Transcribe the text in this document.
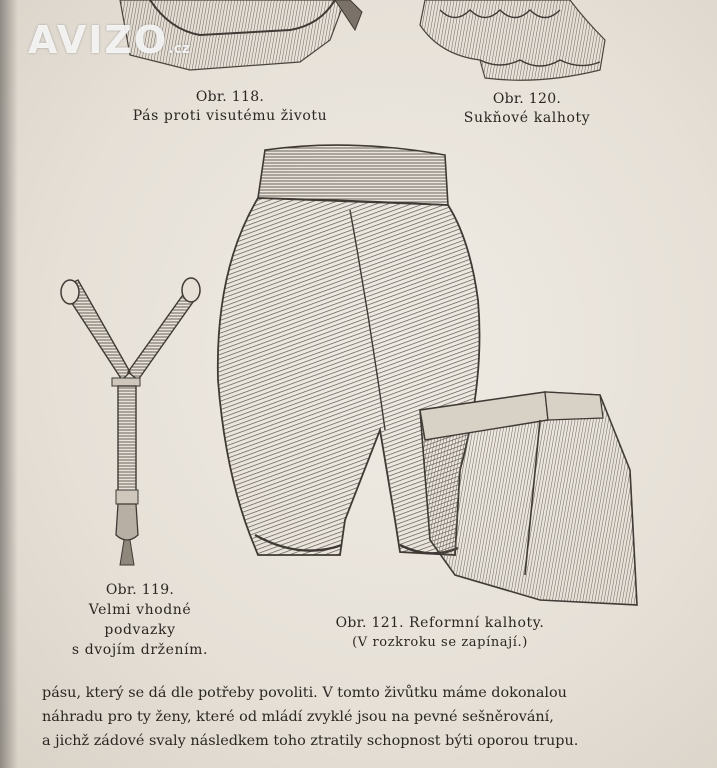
AVIZO.cz
Obr. 118.
Pás proti visutému životu
Obr. 120.
Sukňové kalhoty
Obr. 119.
Velmi vhodné
podvazky
s dvojím držením.
Obr. 121. Reformní kalhoty.
(V rozkroku se zapínají.)
pásu, který se dá dle potřeby povoliti. V tomto živůtku máme dokonalou
náhradu pro ty ženy, které od mládí zvyklé jsou na pevné sešněrování,
a jichž zádové svaly následkem toho ztratily schopnost býti oporou trupu.
